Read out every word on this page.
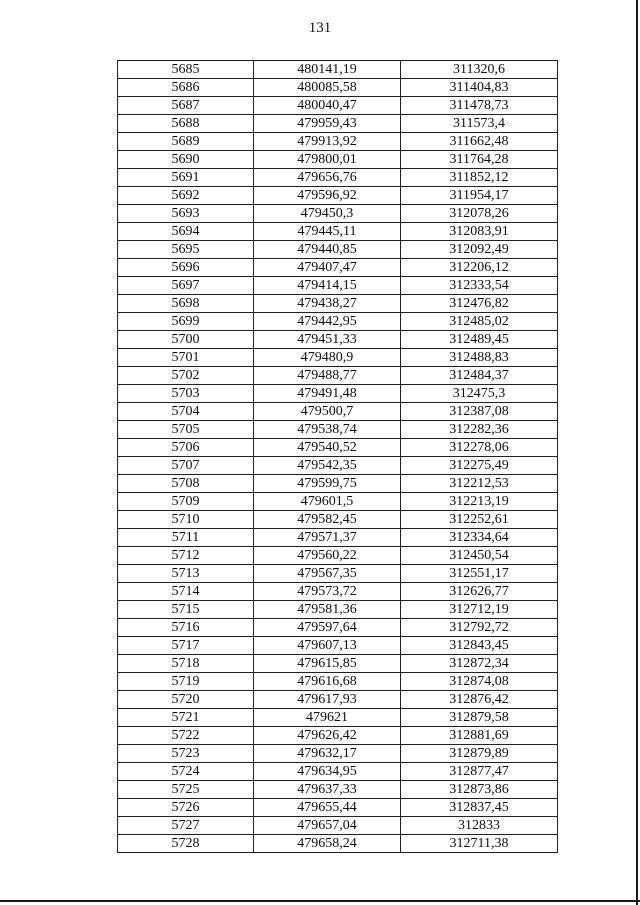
131
5685	480141,19	311320,6
5686	480085,58	311404,83
5687	480040,47	311478,73
5688	479959,43	311573,4
5689	479913,92	311662,48
5690	479800,01	311764,28
5691	479656,76	311852,12
5692	479596,92	311954,17
5693	479450,3	312078,26
5694	479445,11	312083,91
5695	479440,85	312092,49
5696	479407,47	312206,12
5697	479414,15	312333,54
5698	479438,27	312476,82
5699	479442,95	312485,02
5700	479451,33	312489,45
5701	479480,9	312488,83
5702	479488,77	312484,37
5703	479491,48	312475,3
5704	479500,7	312387,08
5705	479538,74	312282,36
5706	479540,52	312278,06
5707	479542,35	312275,49
5708	479599,75	312212,53
5709	479601,5	312213,19
5710	479582,45	312252,61
5711	479571,37	312334,64
5712	479560,22	312450,54
5713	479567,35	312551,17
5714	479573,72	312626,77
5715	479581,36	312712,19
5716	479597,64	312792,72
5717	479607,13	312843,45
5718	479615,85	312872,34
5719	479616,68	312874,08
5720	479617,93	312876,42
5721	479621	312879,58
5722	479626,42	312881,69
5723	479632,17	312879,89
5724	479634,95	312877,47
5725	479637,33	312873,86
5726	479655,44	312837,45
5727	479657,04	312833
5728	479658,24	312711,38
